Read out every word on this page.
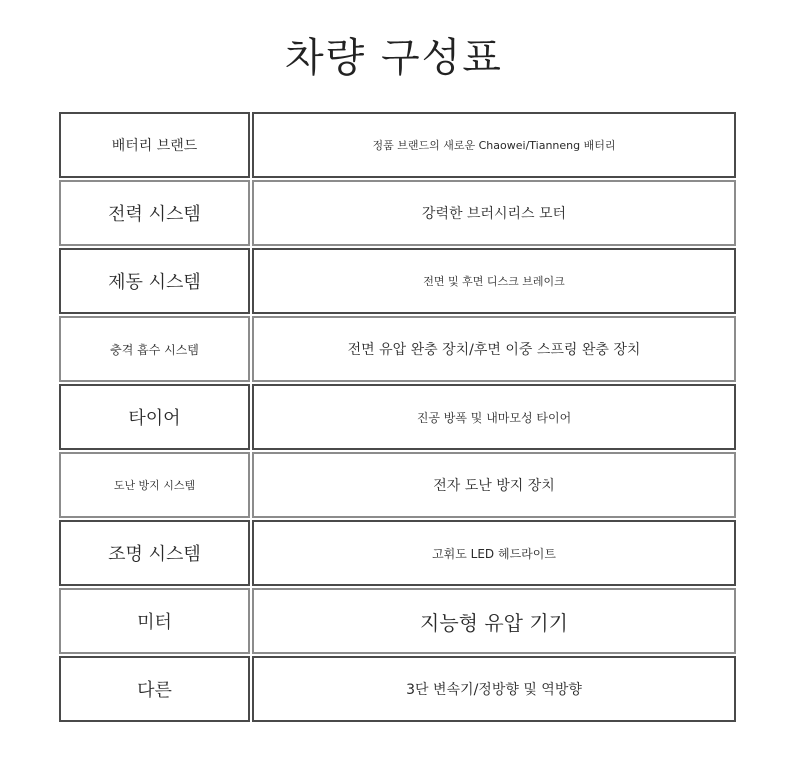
차량 구성표
배터리 브랜드	정품 브랜드의 새로운 Chaowei/Tianneng 배터리
전력 시스템	강력한 브러시리스 모터
제동 시스템	전면 및 후면 디스크 브레이크
충격 흡수 시스템	전면 유압 완충 장치/후면 이중 스프링 완충 장치
타이어	진공 방폭 및 내마모성 타이어
도난 방지 시스템	전자 도난 방지 장치
조명 시스템	고휘도 LED 헤드라이트
미터	지능형 유압 기기
다른	3단 변속기/정방향 및 역방향
